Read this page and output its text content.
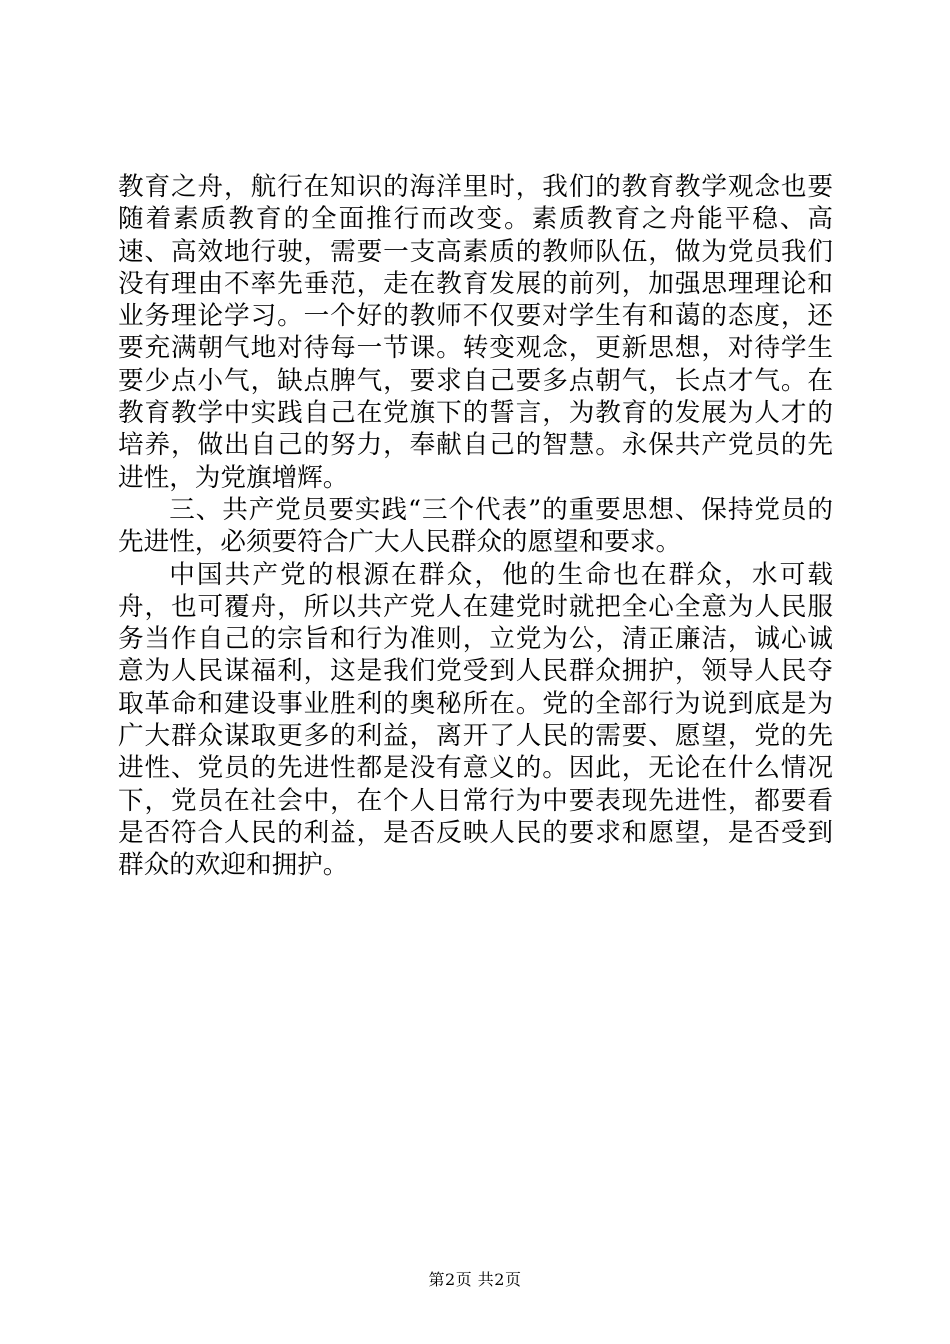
教育之舟，航行在知识的海洋里时，我们的教育教学观念也要随着素质教育的全面推行而改变。素质教育之舟能平稳、高速、高效地行驶，需要一支高素质的教师队伍，做为党员我们没有理由不率先垂范，走在教育发展的前列，加强思理理论和业务理论学习。一个好的教师不仅要对学生有和蔼的态度，还要充满朝气地对待每一节课。转变观念，更新思想，对待学生要少点小气，缺点脾气，要求自己要多点朝气，长点才气。在教育教学中实践自己在党旗下的誓言，为教育的发展为人才的培养，做出自己的努力，奉献自己的智慧。永保共产党员的先进性，为党旗增辉。

三、共产党员要实践“三个代表”的重要思想、保持党员的先进性，必须要符合广大人民群众的愿望和要求。

中国共产党的根源在群众，他的生命也在群众，水可载舟，也可覆舟，所以共产党人在建党时就把全心全意为人民服务当作自己的宗旨和行为准则，立党为公，清正廉洁，诚心诚意为人民谋福利，这是我们党受到人民群众拥护，领导人民夺取革命和建设事业胜利的奥秘所在。党的全部行为说到底是为广大群众谋取更多的利益，离开了人民的需要、愿望，党的先进性、党员的先进性都是没有意义的。因此，无论在什么情况下，党员在社会中，在个人日常行为中要表现先进性，都要看是否符合人民的利益，是否反映人民的要求和愿望，是否受到群众的欢迎和拥护。

第2页 共2页
